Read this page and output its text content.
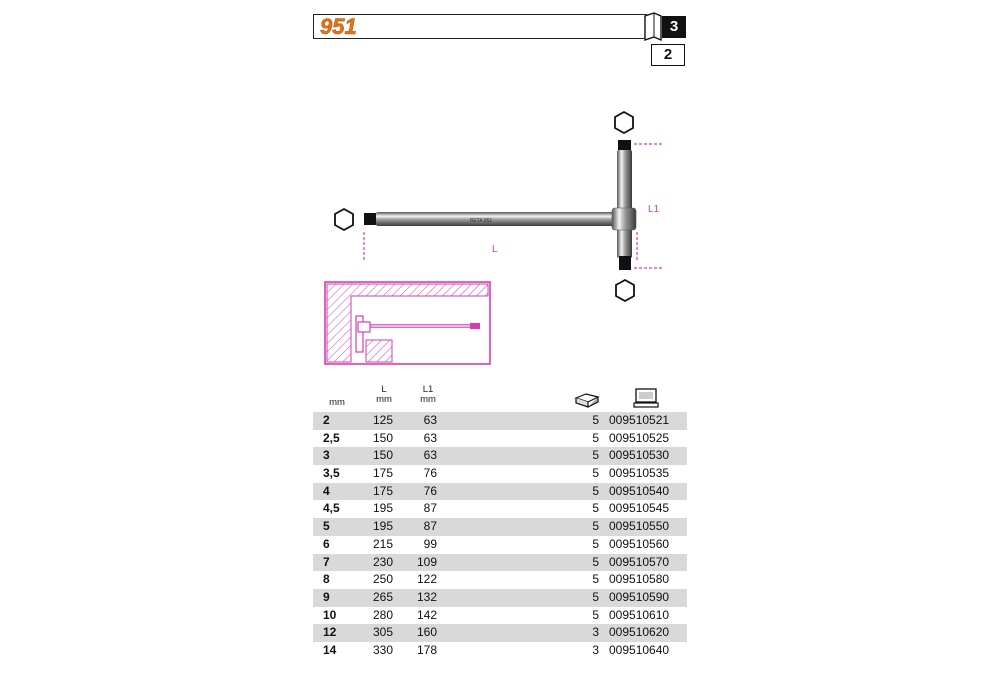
951	3
2
BETA 951
L
L1
mm
L
mm
L1
mm
2	125	63	5 009510521
2,5	150	63	5 009510525
3	150	63	5 009510530
3,5	175	76	5 009510535
4	175	76	5 009510540
4,5	195	87	5 009510545
5	195	87	5 009510550
6	215	99	5 009510560
7	230	109	5 009510570
8	250	122	5 009510580
9	265	132	5 009510590
10	280	142	5 009510610
12	305	160	3 009510620
14	330	178	3 009510640
